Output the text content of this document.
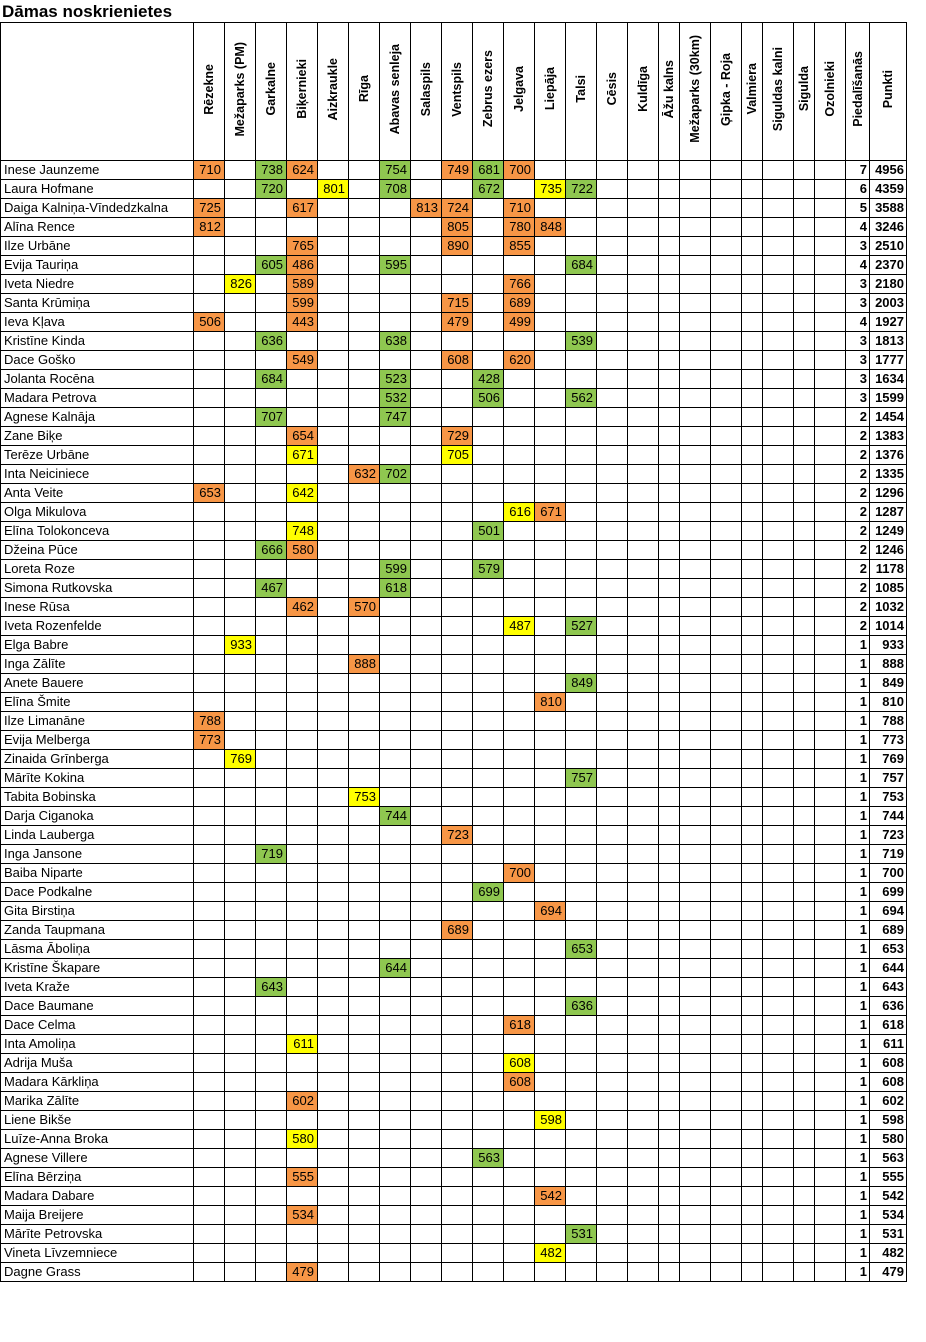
Dāmas noskrienietes
	Rēzekne	Mežaparks (PM)	Garkalne	Biķernieki	Aizkraukle	Rīga	Abavas senleja	Salaspils	Ventspils	Zebrus ezers	Jelgava	Liepāja	Talsi	Cēsis	Kuldīga	Āžu kalns	Mežaparks (30km)	Ģipka - Roja	Valmiera	Siguldas kalni	Sigulda	Ozolnieki	Piedalīšanās	Punkti
Inese Jaunzeme	710		738	624			754		749	681	700												7	4956
Laura Hofmane			720		801		708			672		735	722										6	4359
Daiga Kalniņa-Vīndedzkalna	725			617				813	724		710												5	3588
Alīna Rence	812								805		780	848											4	3246
Ilze Urbāne				765					890		855												3	2510
Evija Tauriņa			605	486			595						684										4	2370
Iveta Niedre		826		589							766												3	2180
Santa Krūmiņa				599					715		689												3	2003
Ieva Kļava	506			443					479		499												4	1927
Kristīne Kinda			636				638						539										3	1813
Dace Goško				549					608		620												3	1777
Jolanta Rocēna			684				523			428													3	1634
Madara Petrova							532			506			562										3	1599
Agnese Kalnāja			707				747																2	1454
Zane Biķe				654					729														2	1383
Terēze Urbāne				671					705														2	1376
Inta Neiciniece						632	702																2	1335
Anta Veite	653			642																			2	1296
Olga Mikulova											616	671											2	1287
Elīna Tolokonceva				748						501													2	1249
Džeina Pūce			666	580																			2	1246
Loreta Roze							599			579													2	1178
Simona Rutkovska			467				618																2	1085
Inese Rūsa				462		570																	2	1032
Iveta Rozenfelde											487		527										2	1014
Elga Babre		933																					1	933
Inga Zālīte						888																	1	888
Anete Bauere													849										1	849
Elīna Šmite												810											1	810
Ilze Limanāne	788																						1	788
Evija Melberga	773																						1	773
Zinaida Grīnberga		769																					1	769
Mārīte Kokina													757										1	757
Tabita Bobinska						753																	1	753
Darja Ciganoka							744																1	744
Linda Lauberga									723														1	723
Inga Jansone			719																				1	719
Baiba Niparte											700												1	700
Dace Podkalne										699													1	699
Gita Birstiņa												694											1	694
Zanda Taupmana									689														1	689
Lāsma Āboliņa													653										1	653
Kristīne Škapare							644																1	644
Iveta Kraže			643																				1	643
Dace Baumane													636										1	636
Dace Celma											618												1	618
Inta Amoliņa				611																			1	611
Adrija Muša											608												1	608
Madara Kārkliņa											608												1	608
Marika Zālīte				602																			1	602
Liene Bikše												598											1	598
Luīze-Anna Broka				580																			1	580
Agnese Villere										563													1	563
Elīna Bērziņa				555																			1	555
Madara Dabare												542											1	542
Maija Breijere				534																			1	534
Mārīte Petrovska													531										1	531
Vineta Līvzemniece												482											1	482
Dagne Grass				479																			1	479
